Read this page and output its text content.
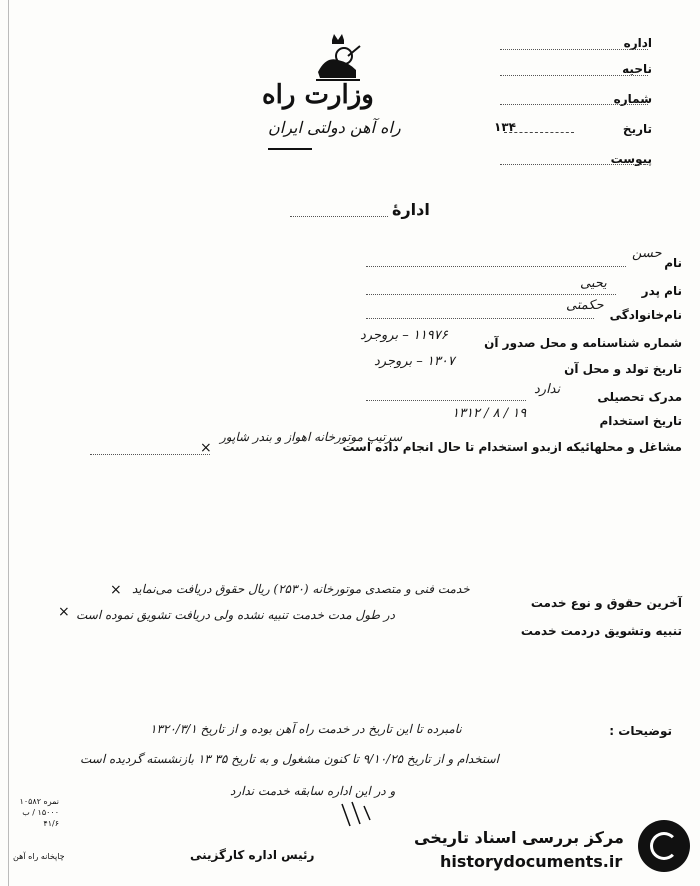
وزارت راه
راه آهن دولتی ایران
اداره
ناحیه
شماره
تاریخ
۱۳۴
پیوست
ادارهٔ
نام
حسن
نام پدر
یحیی
نام‌خانوادگی
حکمتی
شماره شناسنامه و محل صدور آن
۱۱۹۷۶ – بروجرد
تاریخ تولد و محل آن
۱۳۰۷ – بروجرد
مدرک تحصیلی
ندارد
تاریخ استخدام
۱۹ / ۸ / ۱۳۱۲
مشاغل و محلهائیکه ازبدو استخدام تا حال انجام داده است
سرتیپ موتورخانه اهواز و بندر شاپور
×
آخرین حقوق و نوع خدمت
خدمت فنی و متصدی موتورخانه (۲۵۳۰) ریال حقوق دریافت می‌نماید
×
تنبیه وتشویق دردمت خدمت
در طول مدت خدمت تنبیه نشده ولی دریافت تشویق نموده است
×
توضیحات :
نامبرده تا این تاریخ در خدمت راه آهن بوده و از تاریخ ۱۳۲۰/۳/۱
استخدام و از تاریخ ۹/۱۰/۲۵ تا کنون مشغول و به تاریخ ۳۵ ۱۳ بازنشسته گردیده است
و در این اداره سابقه خدمت ندارد
نمره ۱۰۵۸۲
۱۵۰۰۰ / ب
۴۱/۶
چاپخانه راه آهن	رئیس اداره کارگزینی
مرکز بررسی اسناد تاریخی
historydocuments.ir
